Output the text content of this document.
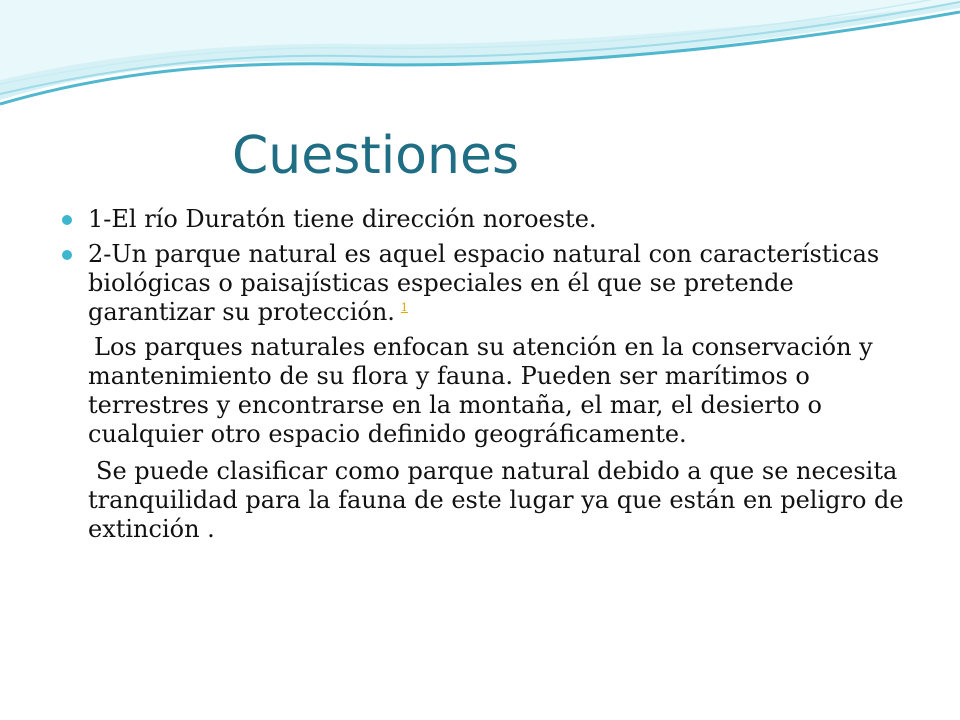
Cuestiones
1-El río Duratón tiene dirección noroeste.
2-Un parque natural es aquel espacio natural con características biológicas o paisajísticas especiales en él que se pretende garantizar su protección. $^1$
Los parques naturales enfocan su atención en la conservación y mantenimiento de su flora y fauna. Pueden ser marítimos o terrestres y encontrarse en la montaña, el mar, el desierto o cualquier otro espacio definido geográficamente.
Se puede clasificar como parque natural debido a que se necesita tranquilidad para la fauna de este lugar ya que están en peligro de extinción .
